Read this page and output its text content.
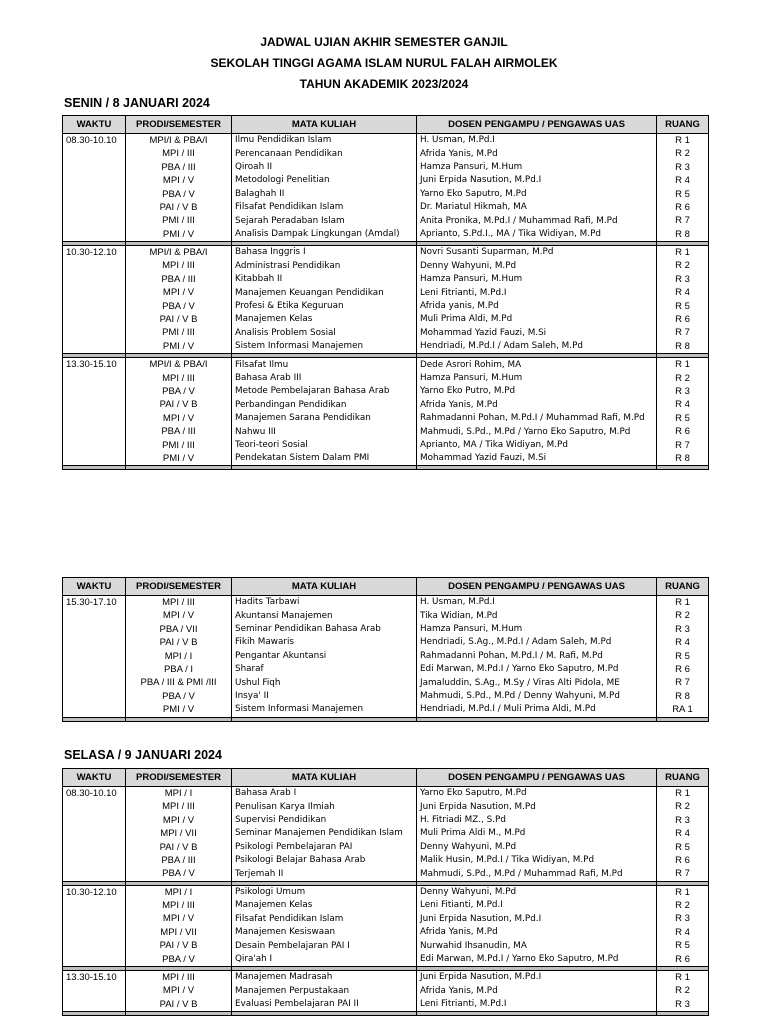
JADWAL UJIAN AKHIR SEMESTER GANJIL
SEKOLAH TINGGI AGAMA ISLAM NURUL FALAH AIRMOLEK
TAHUN AKADEMIK 2023/2024
SENIN / 8 JANUARI 2024
WAKTU	PRODI/SEMESTER	MATA KULIAH	DOSEN PENGAMPU / PENGAWAS UAS	RUANG
08.30-10.10	MPI/I & PBA/I	Ilmu Pendidikan Islam	H. Usman, M.Pd.I	R 1
	MPI / III	Perencanaan Pendidikan	Afrida Yanis, M.Pd	R 2
	PBA / III	Qiroah II	Hamza Pansuri, M.Hum	R 3
	MPI / V	Metodologi Penelitian	Juni Erpida Nasution, M.Pd.I	R 4
	PBA / V	Balaghah II	Yarno Eko Saputro, M.Pd	R 5
	PAI / V B	Filsafat Pendidikan Islam	Dr. Mariatul Hikmah, MA	R 6
	PMI / III	Sejarah Peradaban Islam	Anita Pronika, M.Pd.I / Muhammad Rafi, M.Pd	R 7
	PMI / V	Analisis Dampak Lingkungan (Amdal)	Aprianto, S.Pd.I., MA / Tika Widiyan, M.Pd	R 8

10.30-12.10	MPI/I & PBA/I	Bahasa Inggris I	Novri Susanti Suparman, M.Pd	R 1
	MPI / III	Administrasi Pendidikan	Denny Wahyuni, M.Pd	R 2
	PBA / III	Kitabbah II	Hamza Pansuri, M.Hum	R 3
	MPI / V	Manajemen Keuangan Pendidikan	Leni Fitrianti, M.Pd.I	R 4
	PBA / V	Profesi & Etika Keguruan	Afrida yanis, M.Pd	R 5
	PAI / V B	Manajemen Kelas	Muli Prima Aldi, M.Pd	R 6
	PMI / III	Analisis Problem Sosial	Mohammad Yazid Fauzi, M.Si	R 7
	PMI / V	Sistem Informasi Manajemen	Hendriadi, M.Pd.I / Adam Saleh, M.Pd	R 8

13.30-15.10	MPI/I & PBA/I	Filsafat Ilmu	Dede Asrori Rohim, MA	R 1
	MPI / III	Bahasa Arab III	Hamza Pansuri, M.Hum	R 2
	PBA / V	Metode Pembelajaran Bahasa Arab	Yarno Eko Putro, M.Pd	R 3
	PAI / V B	Perbandingan Pendidikan	Afrida Yanis, M.Pd	R 4
	MPI / V	Manajemen Sarana Pendidikan	Rahmadanni Pohan, M.Pd.I / Muhammad Rafi, M.Pd	R 5
	PBA / III	Nahwu III	Mahmudi, S.Pd., M.Pd / Yarno Eko Saputro, M.Pd	R 6
	PMI / III	Teori-teori Sosial	Aprianto, MA / Tika Widiyan, M.Pd	R 7
	PMI / V	Pendekatan Sistem Dalam PMI	Mohammad Yazid Fauzi, M.Si	R 8

WAKTU	PRODI/SEMESTER	MATA KULIAH	DOSEN PENGAMPU / PENGAWAS UAS	RUANG
15.30-17.10	MPI / III	Hadits Tarbawi	H. Usman, M.Pd.I	R 1
	MPI / V	Akuntansi Manajemen	Tika Widian, M.Pd	R 2
	PBA / VII	Seminar Pendidikan Bahasa Arab	Hamza Pansuri, M.Hum	R 3
	PAI / V B	Fikih Mawaris	Hendriadi, S.Ag., M.Pd.I / Adam Saleh, M.Pd	R 4
	MPI / I	Pengantar Akuntansi	Rahmadanni Pohan, M.Pd.I / M. Rafi, M.Pd	R 5
	PBA / I	Sharaf	Edi Marwan, M.Pd.I / Yarno Eko Saputro, M.Pd	R 6
	PBA / III & PMI /III	Ushul Fiqh	Jamaluddin, S.Ag., M.Sy / Viras Alti Pidola, ME	R 7
	PBA / V	Insya' II	Mahmudi, S.Pd., M.Pd / Denny Wahyuni, M.Pd	R 8
	PMI / V	Sistem Informasi Manajemen	Hendriadi, M.Pd.I / Muli Prima Aldi, M.Pd	RA 1

SELASA / 9 JANUARI 2024
WAKTU	PRODI/SEMESTER	MATA KULIAH	DOSEN PENGAMPU / PENGAWAS UAS	RUANG
08.30-10.10	MPI / I	Bahasa Arab I	Yarno Eko Saputro, M.Pd	R 1
	MPI / III	Penulisan Karya Ilmiah	Juni Erpida Nasution, M.Pd	R 2
	MPI / V	Supervisi Pendidikan	H. Fitriadi MZ., S.Pd	R 3
	MPI / VII	Seminar Manajemen Pendidikan Islam	Muli Prima Aldi M., M.Pd	R 4
	PAI / V B	Psikologi Pembelajaran PAI	Denny Wahyuni, M.Pd	R 5
	PBA / III	Psikologi Belajar Bahasa Arab	Malik Husin, M.Pd.I / Tika Widiyan, M.Pd	R 6
	PBA / V	Terjemah II	Mahmudi, S.Pd., M.Pd / Muhammad Rafi, M.Pd	R 7

10.30-12.10	MPI / I	Psikologi Umum	Denny Wahyuni, M.Pd	R 1
	MPI / III	Manajemen Kelas	Leni Fitianti, M.Pd.I	R 2
	MPI / V	Filsafat Pendidikan Islam	Juni Erpida Nasution, M.Pd.I	R 3
	MPI / VII	Manajemen Kesiswaan	Afrida Yanis, M.Pd	R 4
	PAI / V B	Desain Pembelajaran PAI I	Nurwahid Ihsanudin, MA	R 5
	PBA / V	Qira'ah I	Edi Marwan, M.Pd.I / Yarno Eko Saputro, M.Pd	R 6

13.30-15.10	MPI / III	Manajemen Madrasah	Juni Erpida Nasution, M.Pd.I	R 1
	MPI / V	Manajemen Perpustakaan	Afrida Yanis, M.Pd	R 2
	PAI / V B	Evaluasi Pembelajaran PAI II	Leni Fitrianti, M.Pd.I	R 3
